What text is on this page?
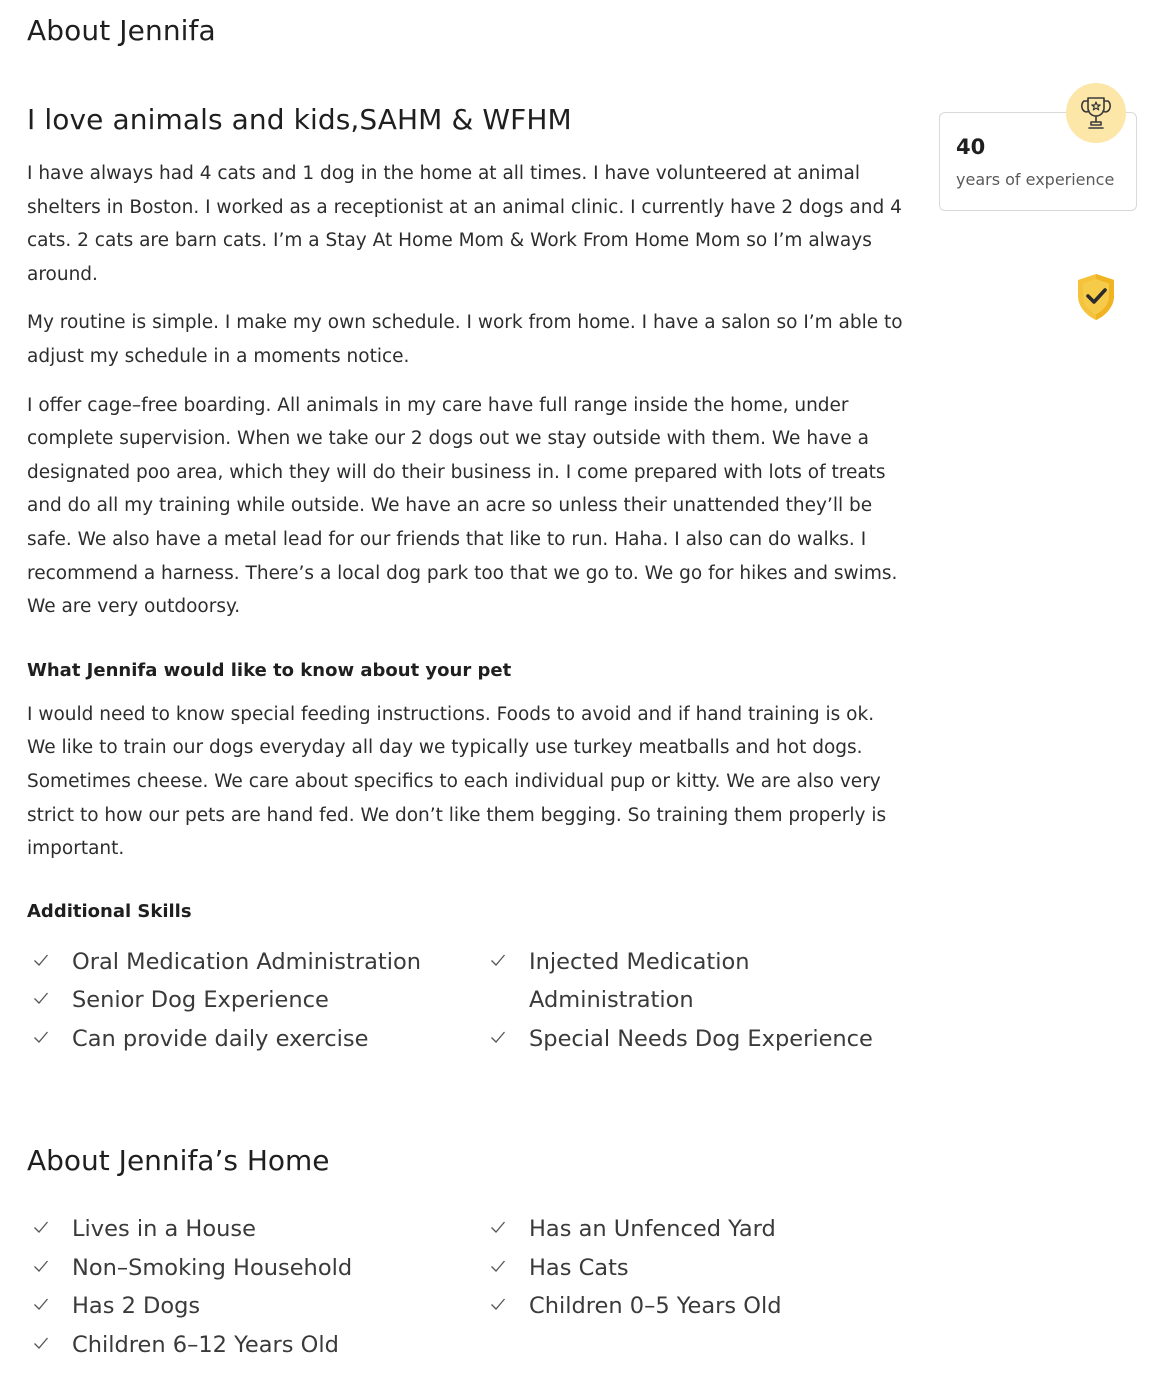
About Jennifa
I love animals and kids,SAHM & WFHM

I have always had 4 cats and 1 dog in the home at all times. I have volunteered at animal shelters in Boston. I worked as a receptionist at an animal clinic. I currently have 2 dogs and 4 cats. 2 cats are barn cats. I’m a Stay At Home Mom & Work From Home Mom so I’m always around.

My routine is simple. I make my own schedule. I work from home. I have a salon so I’m able to adjust my schedule in a moments notice.

I offer cage–free boarding. All animals in my care have full range inside the home, under complete supervision. When we take our 2 dogs out we stay outside with them. We have a designated poo area, which they will do their business in. I come prepared with lots of treats and do all my training while outside. We have an acre so unless their unattended they’ll be safe. We also have a metal lead for our friends that like to run. Haha. I also can do walks. I recommend a harness. There’s a local dog park too that we go to. We go for hikes and swims. We are very outdoorsy.

What Jennifa would like to know about your pet

I would need to know special feeding instructions. Foods to avoid and if hand training is ok. We like to train our dogs everyday all day we typically use turkey meatballs and hot dogs. Sometimes cheese. We care about specifics to each individual pup or kitty. We are also very strict to how our pets are hand fed. We don’t like them begging. So training them properly is important.

Additional Skills
Oral Medication Administration
Senior Dog Experience
Can provide daily exercise
Injected Medication Administration
Special Needs Dog Experience
About Jennifa’s Home
Lives in a House
Non–Smoking Household
Has 2 Dogs
Children 6–12 Years Old
Has an Unfenced Yard
Has Cats
Children 0–5 Years Old
40
years of experience
